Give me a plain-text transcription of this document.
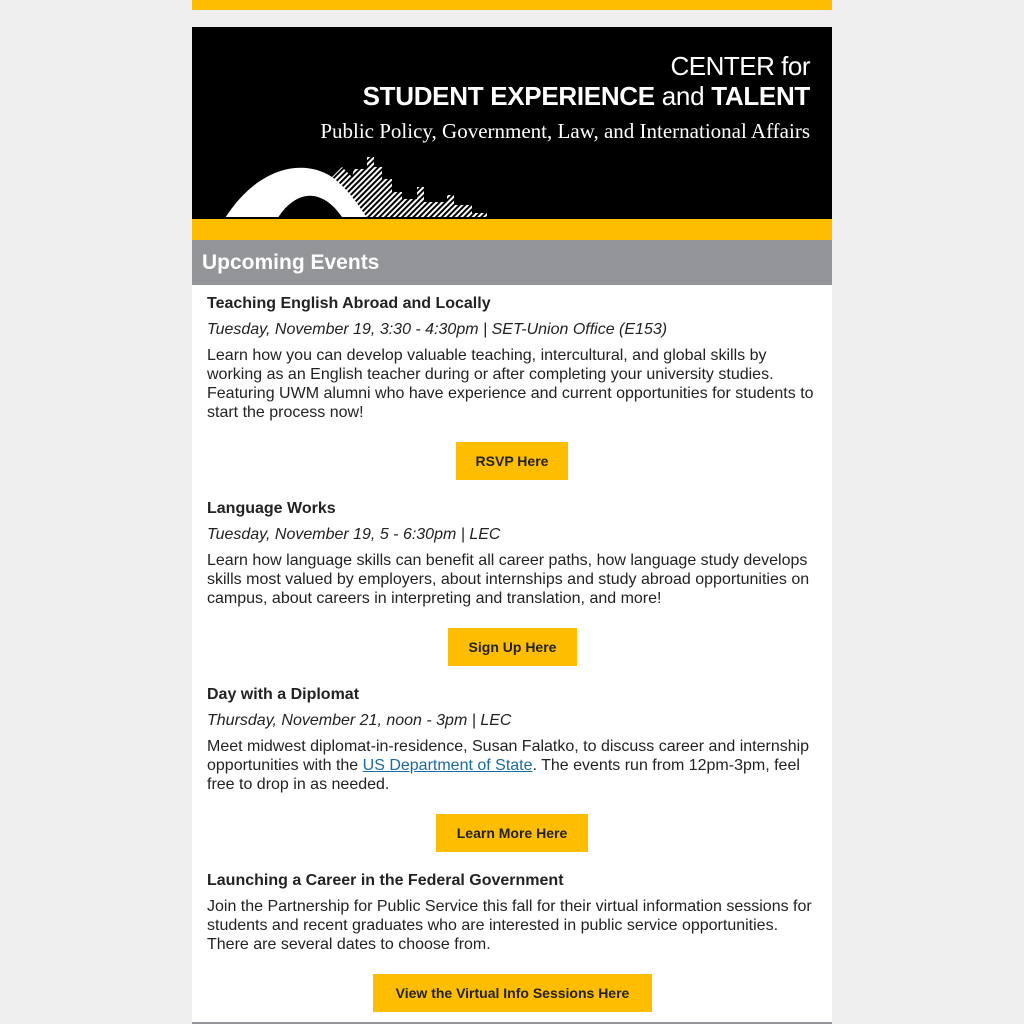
CENTER for
STUDENT EXPERIENCE and TALENT
Public Policy, Government, Law, and International Affairs
Upcoming Events
Teaching English Abroad and Locally
Tuesday, November 19, 3:30 - 4:30pm | SET-Union Office (E153)
Learn how you can develop valuable teaching, intercultural, and global skills by working as an English teacher during or after completing your university studies. Featuring UWM alumni who have experience and current opportunities for students to start the process now!
RSVP Here
Language Works
Tuesday, November 19, 5 - 6:30pm | LEC
Learn how language skills can benefit all career paths, how language study develops skills most valued by employers, about internships and study abroad opportunities on campus, about careers in interpreting and translation, and more!
Sign Up Here
Day with a Diplomat
Thursday, November 21, noon - 3pm | LEC
Meet midwest diplomat-in-residence, Susan Falatko, to discuss career and internship opportunities with the US Department of State. The events run from 12pm-3pm, feel free to drop in as needed.
Learn More Here
Launching a Career in the Federal Government
Join the Partnership for Public Service this fall for their virtual information sessions for students and recent graduates who are interested in public service opportunities. There are several dates to choose from.
View the Virtual Info Sessions Here
